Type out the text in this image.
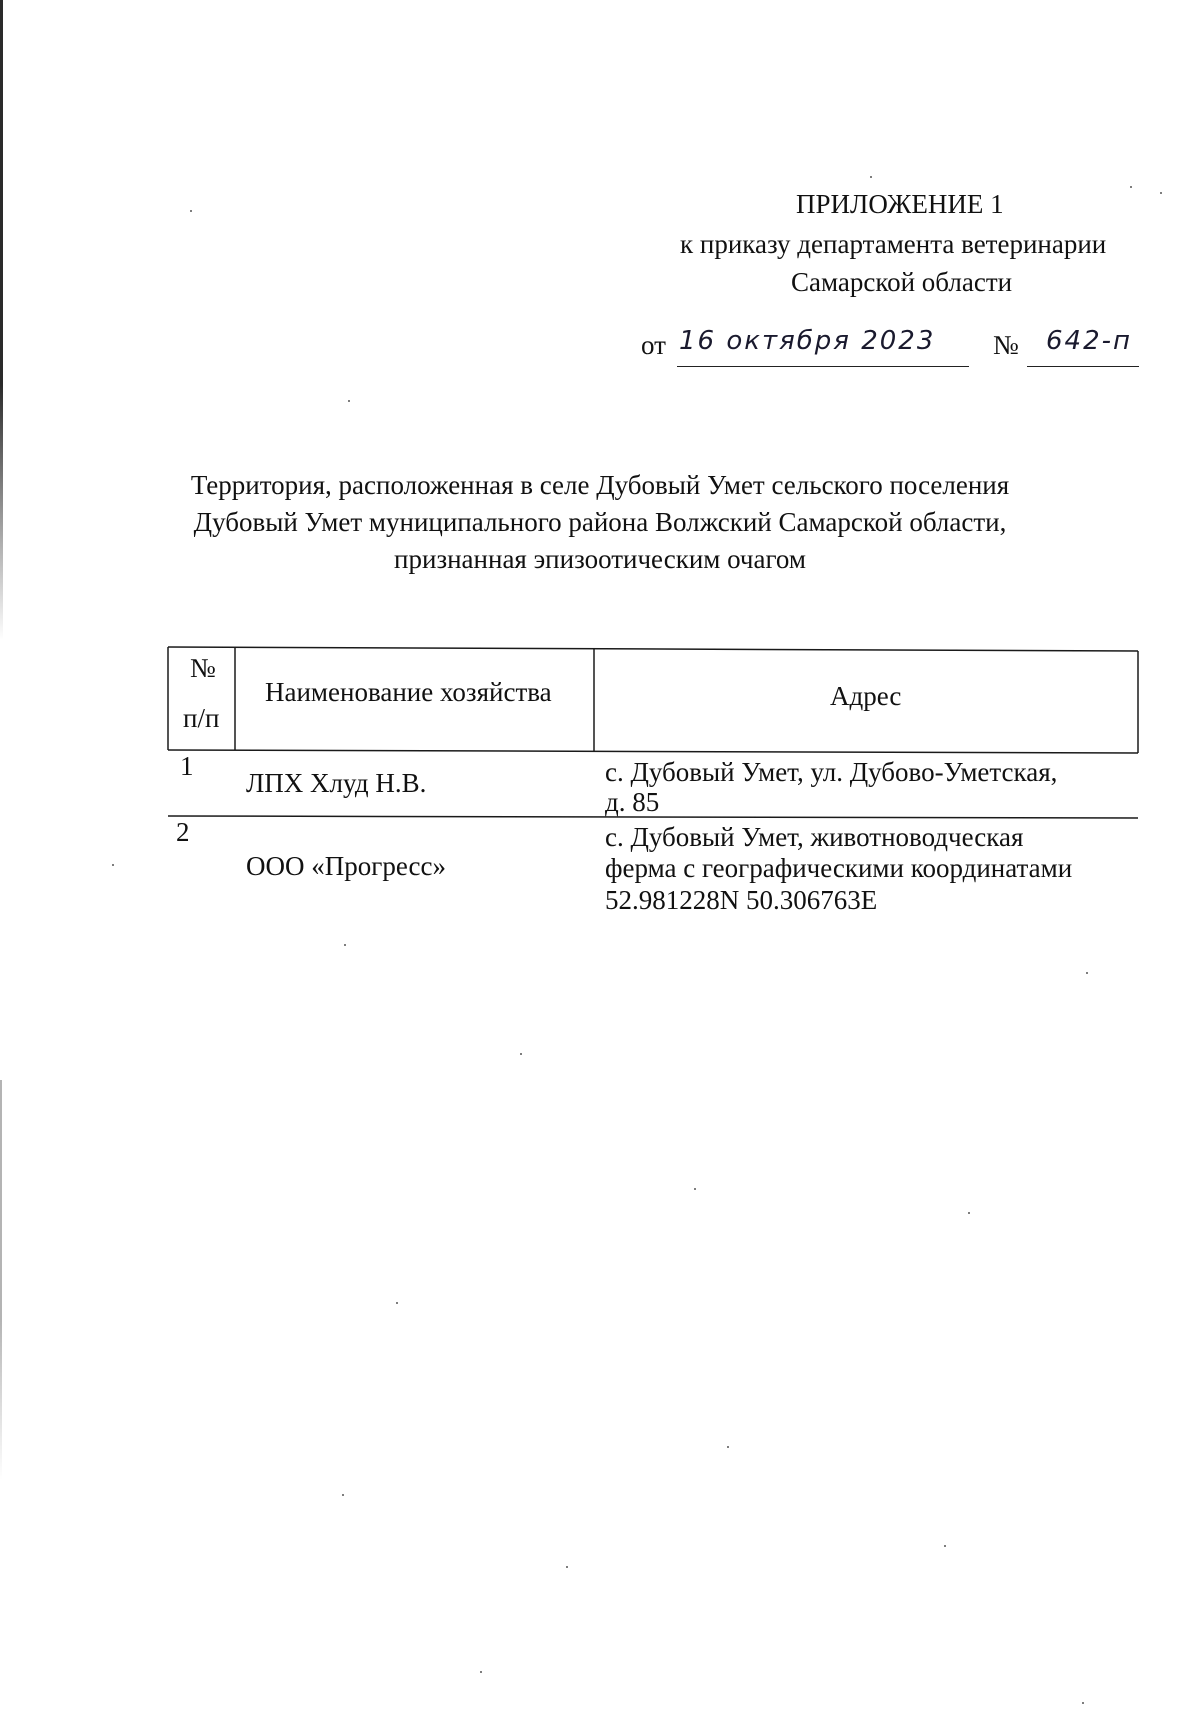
ПРИЛОЖЕНИЕ 1
к приказу департамента ветеринарии
Самарской области
от 16 октября 2023 № 642-п
Территория, расположенная в селе Дубовый Умет сельского поселения
Дубовый Умет муниципального района Волжский Самарской области,
признанная эпизоотическим очагом
№
п/п
Наименование хозяйства	Адрес
1
ЛПХ Хлуд Н.В.	с. Дубовый Умет, ул. Дубово-Уметская,
д. 85
2
ООО «Прогресс»
с. Дубовый Умет, животноводческая
ферма с географическими координатами
52.981228N 50.306763E
